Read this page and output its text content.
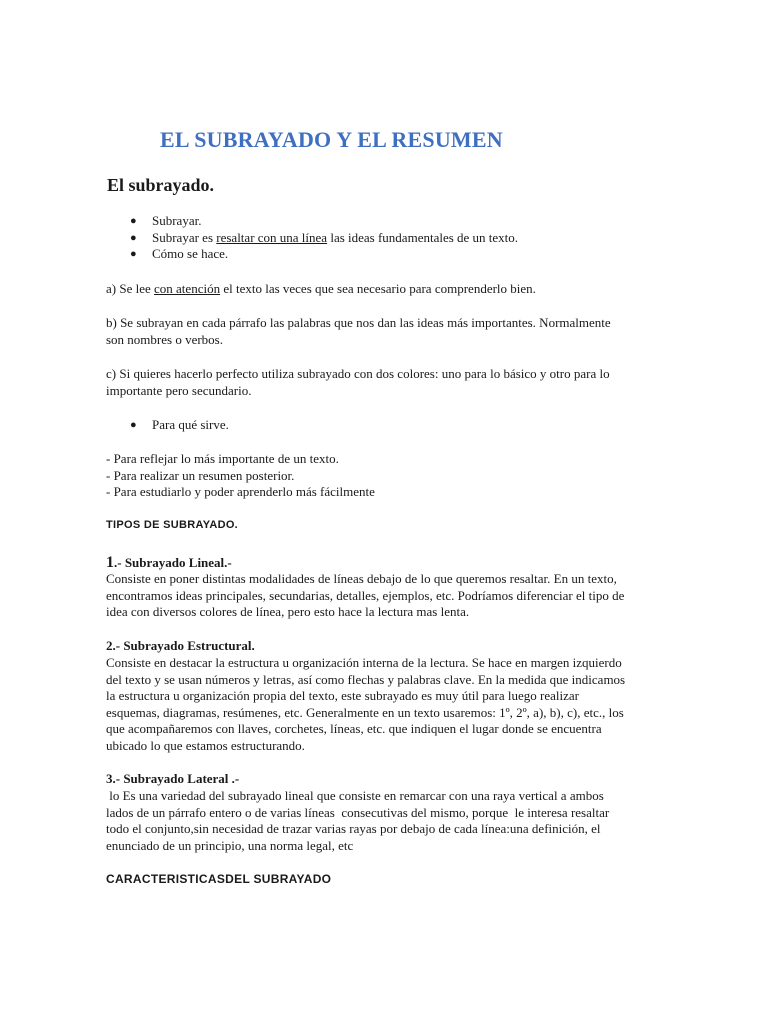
EL SUBRAYADO Y EL RESUMEN
El subrayado.
● Subrayar.
● Subrayar es resaltar con una línea las ideas fundamentales de un texto.
● Cómo se hace.

a) Se lee con atención el texto las veces que sea necesario para comprenderlo bien.

b) Se subrayan en cada párrafo las palabras que nos dan las ideas más importantes. Normalmente
son nombres o verbos.

c) Si quieres hacerlo perfecto utiliza subrayado con dos colores: uno para lo básico y otro para lo
importante pero secundario.

● Para qué sirve.

- Para reflejar lo más importante de un texto.
- Para realizar un resumen posterior.
- Para estudiarlo y poder aprenderlo más fácilmente

TIPOS DE SUBRAYADO.
1.- Subrayado Lineal.-

Consiste en poner distintas modalidades de líneas debajo de lo que queremos resaltar. En un texto,
encontramos ideas principales, secundarias, detalles, ejemplos, etc. Podríamos diferenciar el tipo de
idea con diversos colores de línea, pero esto hace la lectura mas lenta.

2.- Subrayado Estructural.

Consiste en destacar la estructura u organización interna de la lectura. Se hace en margen izquierdo
del texto y se usan números y letras, así como flechas y palabras clave. En la medida que indicamos
la estructura u organización propia del texto, este subrayado es muy útil para luego realizar
esquemas, diagramas, resúmenes, etc. Generalmente en un texto usaremos: 1º, 2º, a), b), c), etc., los
que acompañaremos con llaves, corchetes, líneas, etc. que indiquen el lugar donde se encuentra
ubicado lo que estamos estructurando.

3.- Subrayado Lateral .-

lo Es una variedad del subrayado lineal que consiste en remarcar con una raya vertical a ambos
lados de un párrafo entero o de varias líneas  consecutivas del mismo, porque  le interesa resaltar
todo el conjunto,sin necesidad de trazar varias rayas por debajo de cada línea:una definición, el
enunciado de un principio, una norma legal, etc

CARACTERISTICASDEL SUBRAYADO
